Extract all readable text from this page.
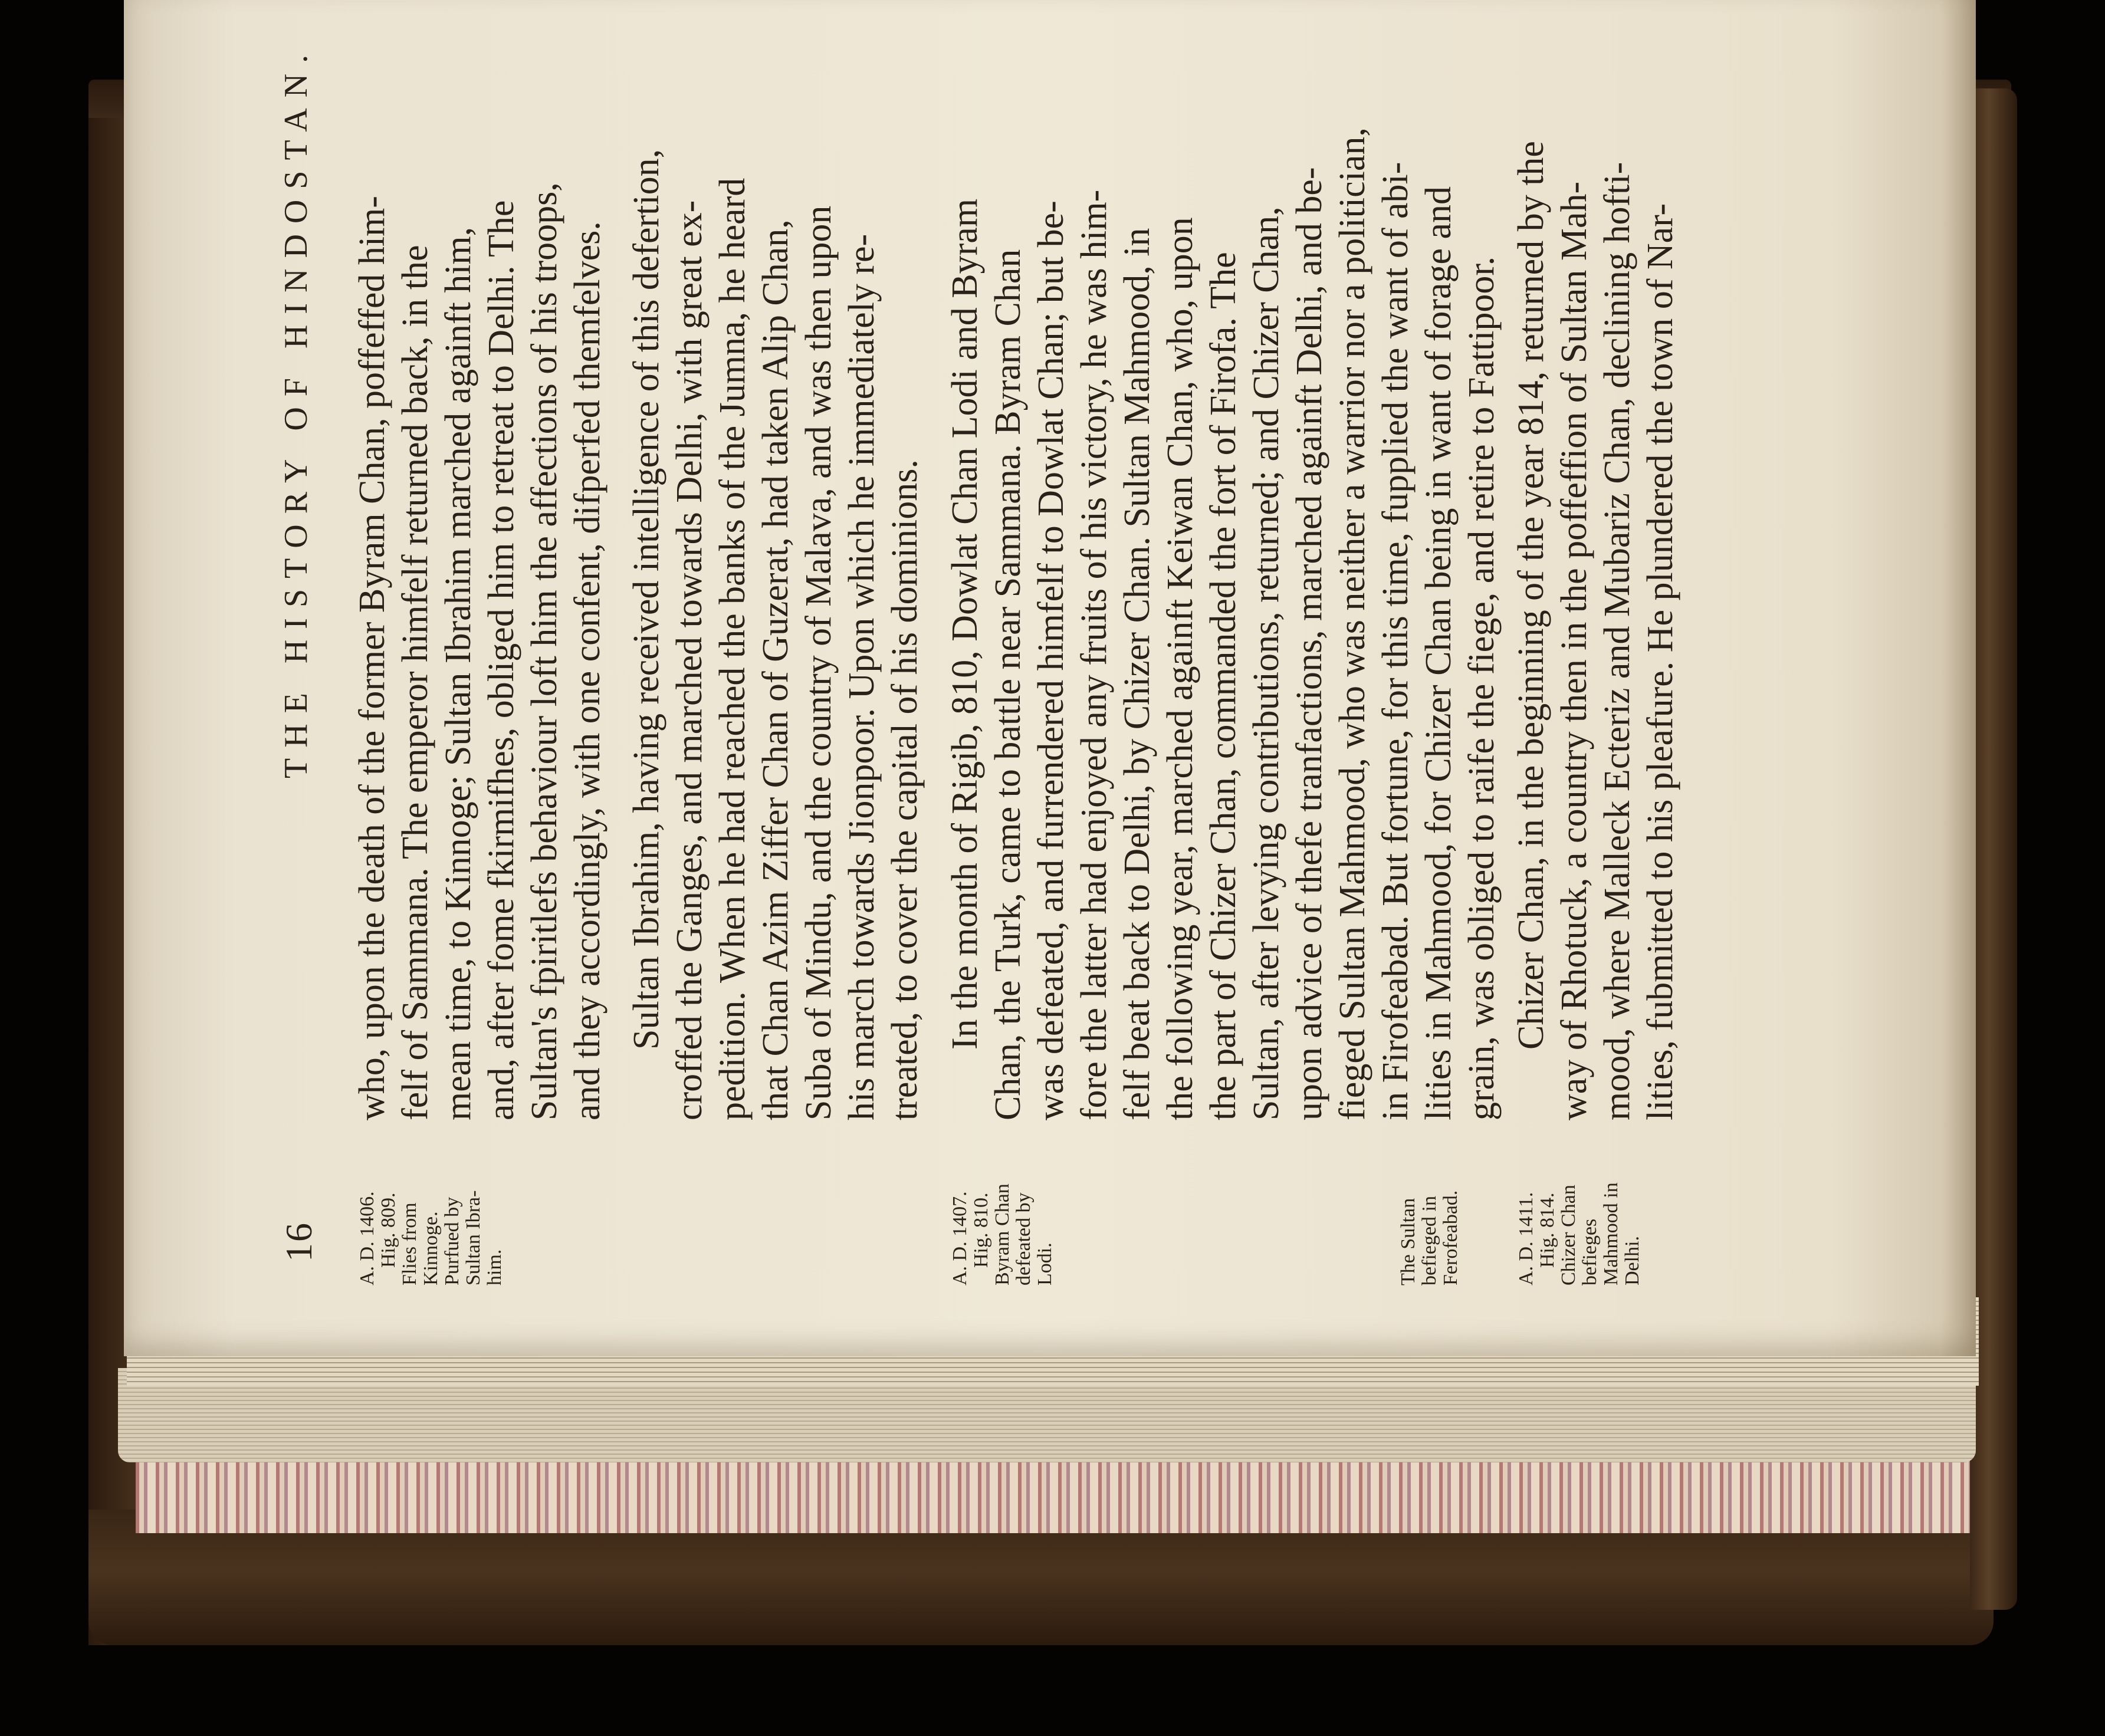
16
THE HISTORY OF HINDOSTAN.
A. D. 1406. Hig. 809. Flies from Kinnoge. Purfued by Sultan Ibra- him.
who, upon the death of the former Byram Chan, poffeffed him- felf of Sammana. The emperor himfelf returned back, in the mean time, to Kinnoge; Sultan Ibrahim marched againft him, and, after fome fkirmifhes, obliged him to retreat to Delhi. The Sultan's fpiritlefs behaviour loft him the affections of his troops, and they accordingly, with one confent, difperfed themfelves. Sultan Ibrahim, having received intelligence of this defertion, croffed the Ganges, and marched towards Delhi, with great ex- pedition. When he had reached the banks of the Jumna, he heard that Chan Azim Ziffer Chan of Guzerat, had taken Alip Chan, Suba of Mindu, and the country of Malava, and was then upon his march towards Jionpoor. Upon which he immediately re- treated, to cover the capital of his dominions.
A. D. 1407. Hig. 810. Byram Chan defeated by Lodi.
In the month of Rigib, 810, Dowlat Chan Lodi and Byram Chan, the Turk, came to battle near Sammana. Byram Chan was defeated, and furrendered himfelf to Dowlat Chan; but be- fore the latter had enjoyed any fruits of his victory, he was him- felf beat back to Delhi, by Chizer Chan. Sultan Mahmood, in the following year, marched againft Keiwan Chan, who, upon the part of Chizer Chan, commanded the fort of Firofa. The Sultan, after levying contributions, returned; and Chizer Chan, upon advice of thefe tranfactions, marched againft Delhi, and be- fieged Sultan Mahmood, who was neither a warrior nor a politician, in Firofeabad. But fortune, for this time, fupplied the want of abi- lities in Mahmood, for Chizer Chan being in want of forage and grain, was obliged to raife the fiege, and retire to Fattipoor.
The Sultan befieged in Ferofeabad.	A. D. 1411. Hig. 814. Chizer Chan befieges Mahmood in Delhi.
Chizer Chan, in the beginning of the year 814, returned by the way of Rhotuck, a country then in the poffeffion of Sultan Mah- mood, where Malleck Ecteriz and Mubariz Chan, declining hofti- lities, fubmitted to his pleafure. He plundered the town of Nar-
